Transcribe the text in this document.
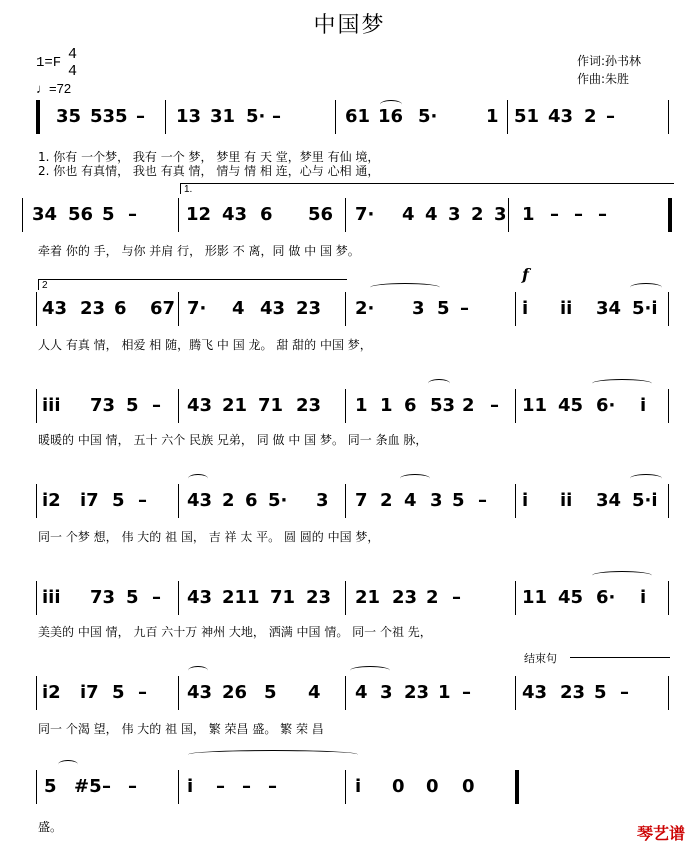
中国梦
1=F 4
4
♩=72
作词:孙书林
作曲:朱胜
35 535 – 13 31 5· –	61 16 5·	1 51 43 2 –
1. 你有 一个梦， 我有 一个 梦， 梦里 有 天 堂，梦里 有仙 境，
2. 你也 有真情， 我也 有真 情， 情与 情 相 连，心与 心相 通，
34 56 5 –	12 43 6 56 7· 4 4 3 2 3 1 – – –
牵着 你的 手， 与你 并肩 行， 形影 不 离，同 做 中 国 梦。
43 23 6 67 7· 4 43 23 2· 3 5 –	i ii 34 5·i
人人 有真 情， 相爱 相 随，腾飞 中 国 龙。 甜 甜的 中国 梦，
iii 73 5 – 43 21 71 23 1 1 6 53 2 – 11 45 6· i
暖暖的 中国 情， 五十 六个 民族 兄弟， 同 做 中 国 梦。 同一 条血 脉，
i2 i7 5 – 43 2 6 5· 3 7 2 4 3 5 – i ii 34 5·i
同一 个梦 想， 伟 大的 祖 国， 吉 祥 太 平。 圆 圆的 中国 梦，
iii 73 5 – 43 211 71 23 21 23 2 –	11 45 6· i
美美的 中国 情， 九百 六十万 神州 大地， 洒满 中国 情。 同一 个祖 先，
i2 i7 5 – 43 26 5 4 4 3 23 1 –	43 23 5 –
同一 个渴 望， 伟 大的 祖 国， 繁 荣昌 盛。 繁 荣 昌
5 #5 – –	i – – –	i 0 0 0
盛。	琴艺谱
1.
2
f
结束句
